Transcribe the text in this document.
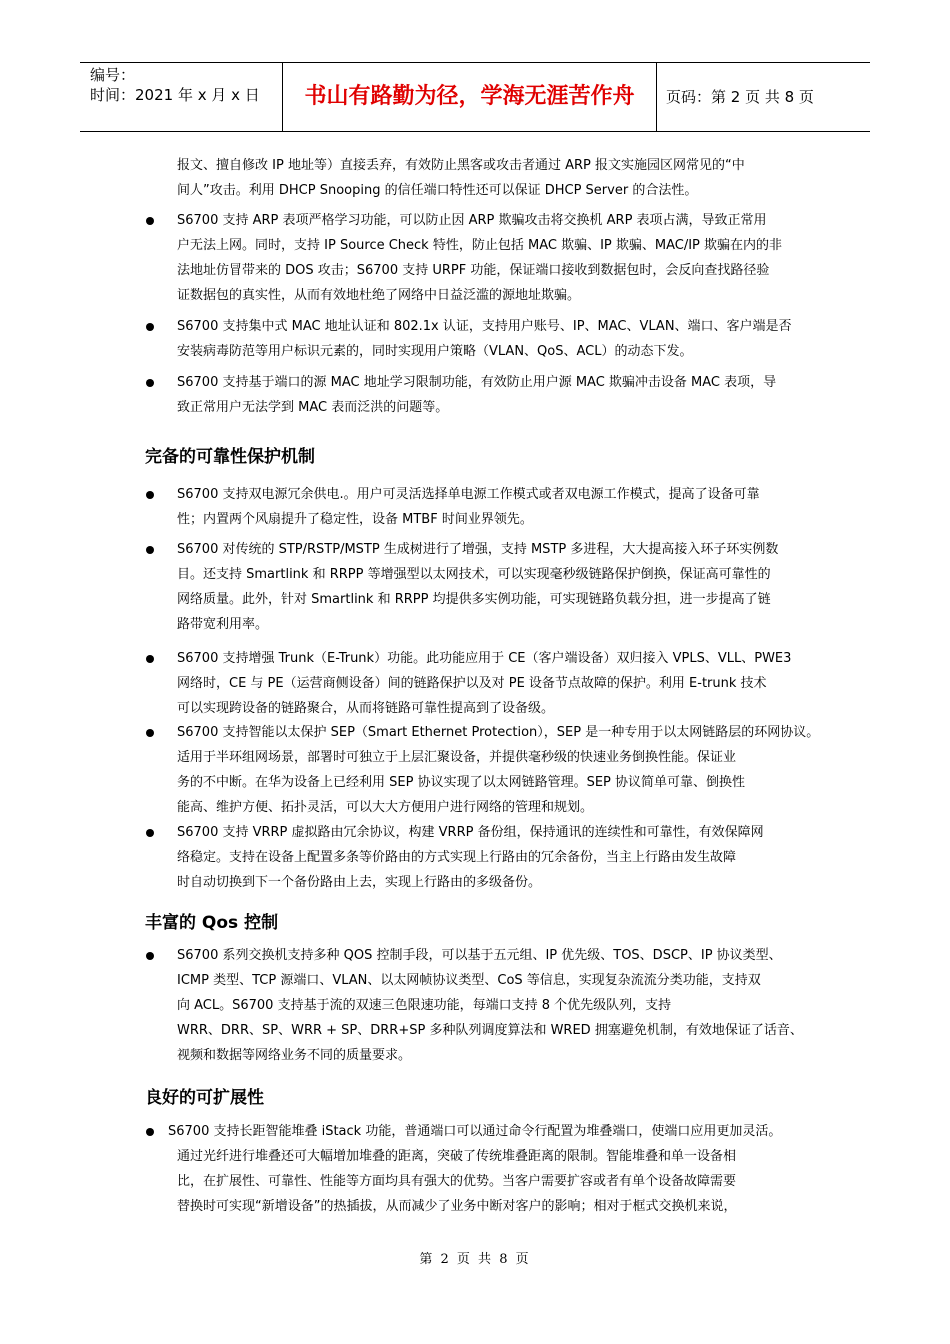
编号：
时间：2021 年 x 月 x 日	书山有路勤为径，学海无涯苦作舟	页码：第 2 页 共 8 页
报文、擅自修改 IP 地址等）直接丢弃，有效防止黑客或攻击者通过 ARP 报文实施园区网常见的“中
间人”攻击。利用 DHCP Snooping 的信任端口特性还可以保证 DHCP Server 的合法性。
S6700 支持 ARP 表项严格学习功能，可以防止因 ARP 欺骗攻击将交换机 ARP 表项占满，导致正常用
户无法上网。同时，支持 IP Source Check 特性，防止包括 MAC 欺骗、IP 欺骗、MAC/IP 欺骗在内的非
法地址仿冒带来的 DOS 攻击；S6700 支持 URPF 功能，保证端口接收到数据包时，会反向查找路径验
证数据包的真实性，从而有效地杜绝了网络中日益泛滥的源地址欺骗。
S6700 支持集中式 MAC 地址认证和 802.1x 认证，支持用户账号、IP、MAC、VLAN、端口、客户端是否
安装病毒防范等用户标识元素的，同时实现用户策略（VLAN、QoS、ACL）的动态下发。
S6700 支持基于端口的源 MAC 地址学习限制功能，有效防止用户源 MAC 欺骗冲击设备 MAC 表项，导
致正常用户无法学到 MAC 表而泛洪的问题等。
完备的可靠性保护机制
S6700 支持双电源冗余供电.。用户可灵活选择单电源工作模式或者双电源工作模式，提高了设备可靠
性；内置两个风扇提升了稳定性，设备 MTBF 时间业界领先。
S6700 对传统的 STP/RSTP/MSTP 生成树进行了增强，支持 MSTP 多进程，大大提高接入环子环实例数
目。还支持 Smartlink 和 RRPP 等增强型以太网技术，可以实现毫秒级链路保护倒换，保证高可靠性的
网络质量。此外，针对 Smartlink 和 RRPP 均提供多实例功能，可实现链路负载分担，进一步提高了链
路带宽利用率。
S6700 支持增强 Trunk（E-Trunk）功能。此功能应用于 CE（客户端设备）双归接入 VPLS、VLL、PWE3
网络时，CE 与 PE（运营商侧设备）间的链路保护以及对 PE 设备节点故障的保护。利用 E-trunk 技术
可以实现跨设备的链路聚合，从而将链路可靠性提高到了设备级。
S6700 支持智能以太保护 SEP（Smart Ethernet Protection），SEP 是一种专用于以太网链路层的环网协议。
适用于半环组网场景，部署时可独立于上层汇聚设备，并提供毫秒级的快速业务倒换性能。保证业
务的不中断。在华为设备上已经利用 SEP 协议实现了以太网链路管理。SEP 协议简单可靠、倒换性
能高、维护方便、拓扑灵活，可以大大方便用户进行网络的管理和规划。
S6700 支持 VRRP 虚拟路由冗余协议，构建 VRRP 备份组，保持通讯的连续性和可靠性，有效保障网
络稳定。支持在设备上配置多条等价路由的方式实现上行路由的冗余备份，当主上行路由发生故障
时自动切换到下一个备份路由上去，实现上行路由的多级备份。
丰富的 Qos 控制
S6700 系列交换机支持多种 QOS 控制手段，可以基于五元组、IP 优先级、TOS、DSCP、IP 协议类型、
ICMP 类型、TCP 源端口、VLAN、以太网帧协议类型、CoS 等信息，实现复杂流流分类功能，支持双
向 ACL。S6700 支持基于流的双速三色限速功能，每端口支持 8 个优先级队列，支持
WRR、DRR、SP、WRR + SP、DRR+SP 多种队列调度算法和 WRED 拥塞避免机制，有效地保证了话音、
视频和数据等网络业务不同的质量要求。
良好的可扩展性
S6700 支持长距智能堆叠 iStack 功能，普通端口可以通过命令行配置为堆叠端口，使端口应用更加灵活。
通过光纤进行堆叠还可大幅增加堆叠的距离，突破了传统堆叠距离的限制。智能堆叠和单一设备相
比，在扩展性、可靠性、性能等方面均具有强大的优势。当客户需要扩容或者有单个设备故障需要
替换时可实现“新增设备”的热插拔，从而减少了业务中断对客户的影响；相对于框式交换机来说，
第 2 页 共 8 页
